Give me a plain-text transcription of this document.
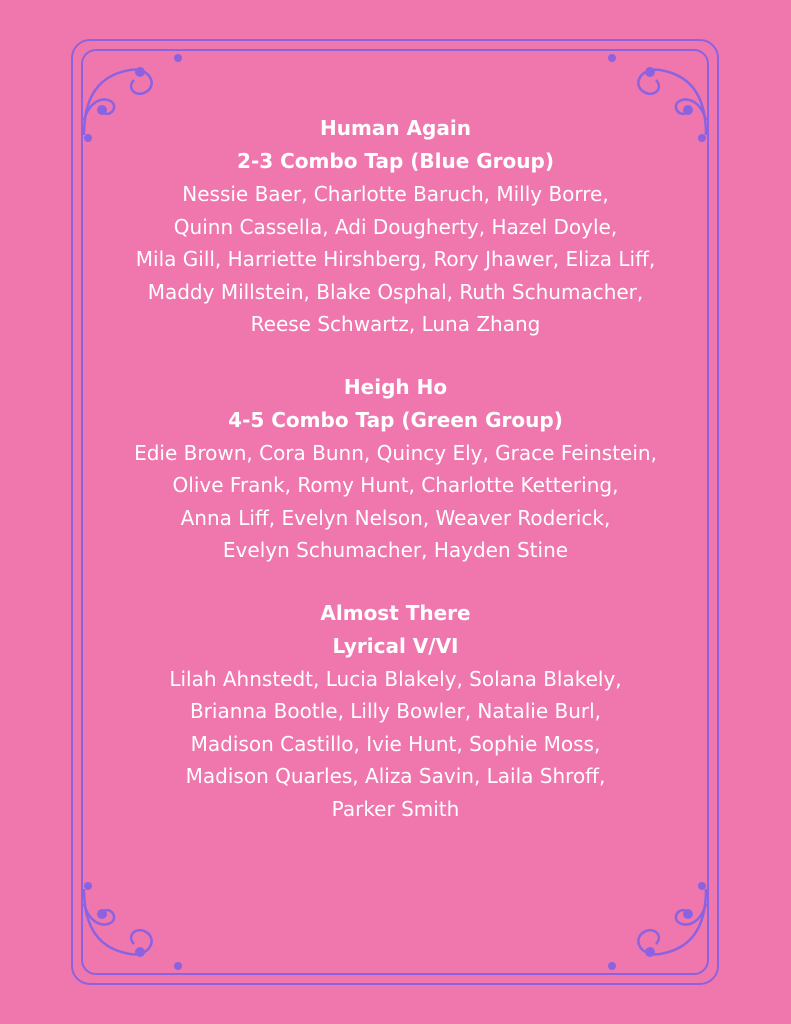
Human Again
2-3 Combo Tap (Blue Group)
Nessie Baer, Charlotte Baruch, Milly Borre,
Quinn Cassella, Adi Dougherty, Hazel Doyle,
Mila Gill, Harriette Hirshberg, Rory Jhawer, Eliza Liff,
Maddy Millstein, Blake Osphal, Ruth Schumacher,
Reese Schwartz, Luna Zhang
Heigh Ho
4-5 Combo Tap (Green Group)
Edie Brown, Cora Bunn, Quincy Ely, Grace Feinstein,
Olive Frank, Romy Hunt, Charlotte Kettering,
Anna Liff, Evelyn Nelson, Weaver Roderick,
Evelyn Schumacher, Hayden Stine
Almost There
Lyrical V/VI
Lilah Ahnstedt, Lucia Blakely, Solana Blakely,
Brianna Bootle, Lilly Bowler, Natalie Burl,
Madison Castillo, Ivie Hunt, Sophie Moss,
Madison Quarles, Aliza Savin, Laila Shroff,
Parker Smith
